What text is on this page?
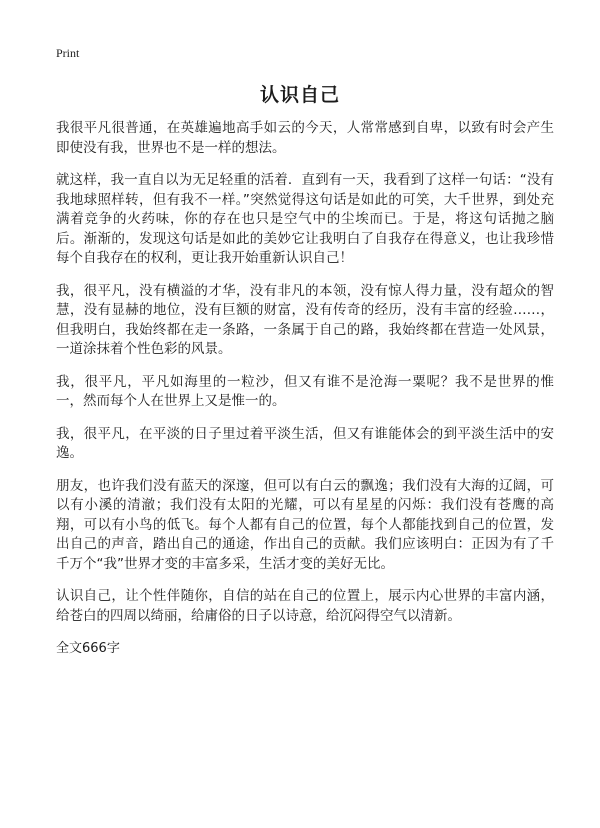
Print
认识自己

我很平凡很普通，在英雄遍地高手如云的今天，人常常感到自卑，以致有时会产生即使没有我，世界也不是一样的想法。

就这样，我一直自以为无足轻重的活着．直到有一天，我看到了这样一句话：“没有我地球照样转，但有我不一样。”突然觉得这句话是如此的可笑，大千世界，到处充满着竞争的火药味，你的存在也只是空气中的尘埃而已。于是，将这句话抛之脑后。渐渐的，发现这句话是如此的美妙它让我明白了自我存在得意义，也让我珍惜每个自我存在的权利，更让我开始重新认识自己！

我，很平凡，没有横溢的才华，没有非凡的本领，没有惊人得力量，没有超众的智慧，没有显赫的地位，没有巨额的财富，没有传奇的经历，没有丰富的经验……，但我明白，我始终都在走一条路，一条属于自己的路，我始终都在营造一处风景，一道涂抹着个性色彩的风景。

我，很平凡，平凡如海里的一粒沙，但又有谁不是沧海一粟呢？我不是世界的惟一，然而每个人在世界上又是惟一的。

我，很平凡，在平淡的日子里过着平淡生活，但又有谁能体会的到平淡生活中的安逸。

朋友，也许我们没有蓝天的深邃，但可以有白云的飘逸；我们没有大海的辽阔，可以有小溪的清澈；我们没有太阳的光耀，可以有星星的闪烁：我们没有苍鹰的高翔，可以有小鸟的低飞。每个人都有自己的位置，每个人都能找到自己的位置，发出自己的声音，踏出自己的通途，作出自己的贡献。我们应该明白：正因为有了千千万个“我”世界才变的丰富多采，生活才变的美好无比。

认识自己，让个性伴随你，自信的站在自己的位置上，展示内心世界的丰富内涵，给苍白的四周以绮丽，给庸俗的日子以诗意，给沉闷得空气以清新。

全文666字
